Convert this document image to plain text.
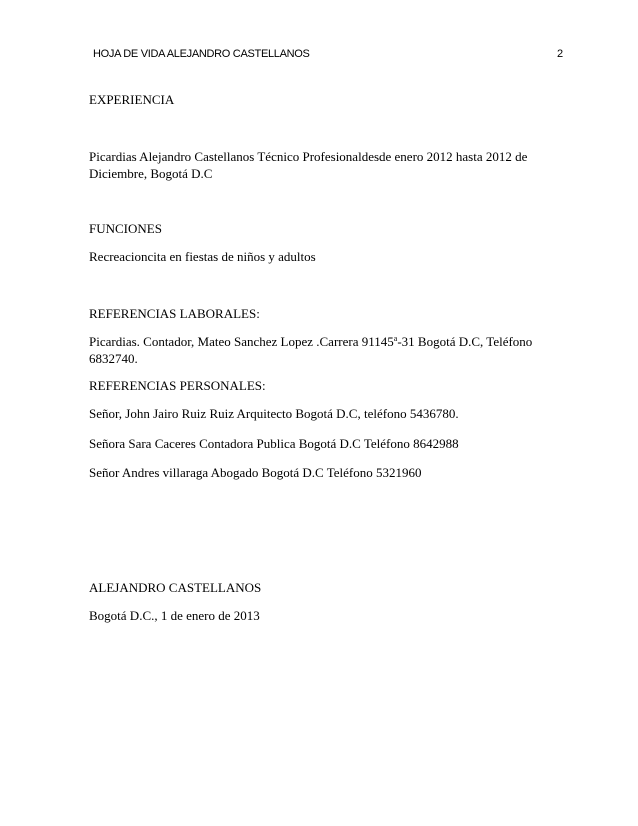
HOJA DE VIDA ALEJANDRO CASTELLANOS	2
EXPERIENCIA
Picardias Alejandro Castellanos Técnico Profesionaldesde enero 2012 hasta 2012 de
Diciembre, Bogotá D.C
FUNCIONES
Recreacioncita en fiestas de niños y adultos
REFERENCIAS LABORALES:
Picardias. Contador, Mateo Sanchez Lopez .Carrera 91145$^a$-31 Bogotá D.C, Teléfono
6832740.
REFERENCIAS PERSONALES:
Señor, John Jairo Ruiz Ruiz Arquitecto Bogotá D.C, teléfono 5436780.
Señora Sara Caceres Contadora Publica Bogotá D.C Teléfono 8642988
Señor Andres villaraga Abogado Bogotá D.C Teléfono 5321960
ALEJANDRO CASTELLANOS
Bogotá D.C., 1 de enero de 2013
